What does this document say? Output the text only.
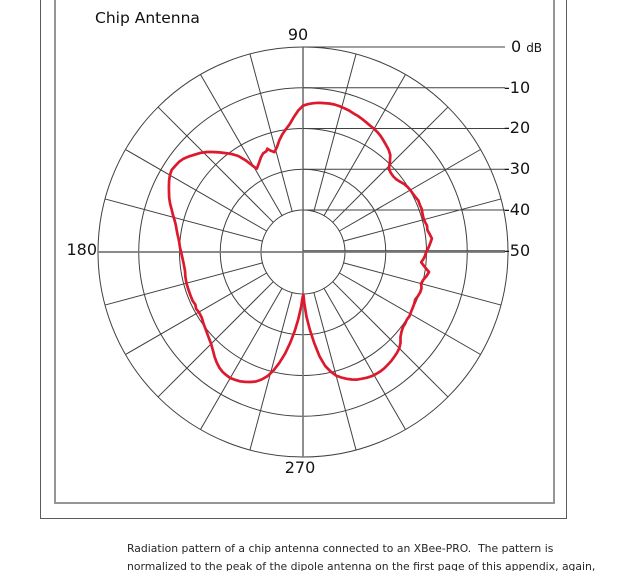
Chip Antenna
90
180
270
0 dB
-10
-20
-30
-40
-50
Radiation pattern of a chip antenna connected to an XBee-PRO.  The pattern is
normalized to the peak of the dipole antenna on the first page of this appendix, again,
